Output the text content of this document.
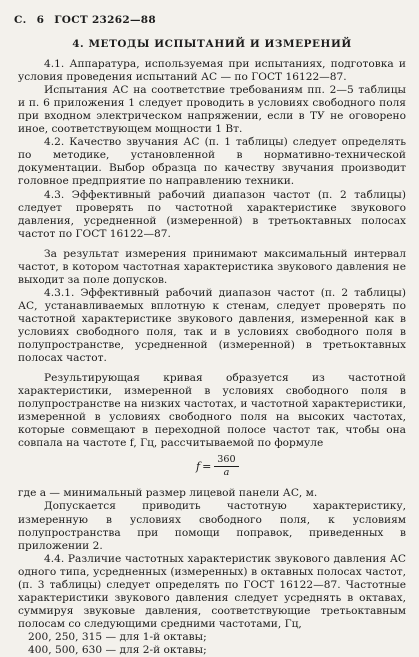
С. 6 ГОСТ 23262—88

4. МЕТОДЫ ИСПЫТАНИЙ И ИЗМЕРЕНИЙ

4.1. Аппаратура, используемая при испытаниях, подготовка и условия проведения испытаний АС — по ГОСТ 16122—87.

Испытания АС на соответствие требованиям пп. 2—5 таблицы и п. 6 приложения 1 следует проводить в условиях свободного поля при входном электрическом напряжении, если в ТУ не оговорено иное, соответствующем мощности 1 Вт.

4.2. Качество звучания АС (п. 1 таблицы) следует определять по методике, установленной в нормативно-технической документации. Выбор образца по качеству звучания производит головное предприятие по направлению техники.

4.3. Эффективный рабочий диапазон частот (п. 2 таблицы) следует проверять по частотной характеристике звукового давления, усредненной (измеренной) в третьоктавных полосах частот по ГОСТ 16122—87.

За результат измерения принимают максимальный интервал частот, в котором частотная характеристика звукового давления не выходит за поле допусков.

4.3.1. Эффективный рабочий диапазон частот (п. 2 таблицы) АС, устанавливаемых вплотную к стенам, следует проверять по частотной характеристике звукового давления, измеренной как в условиях свободного поля, так и в условиях свободного поля в полупространстве, усредненной (измеренной) в третьоктавных полосах частот.

Результирующая кривая образуется из частотной характеристики, измеренной в условиях свободного поля в полупространстве на низких частотах, и частотной характеристики, измеренной в условиях свободного поля на высоких частотах, которые совмещают в переходной полосе частот так, чтобы она совпала на частоте f, Гц, рассчитываемой по формуле

$f = \frac{360}{a}$

где a — минимальный размер лицевой панели АС, м.

Допускается приводить частотную характеристику, измеренную в условиях свободного поля, к условиям полупространства при помощи поправок, приведенных в приложении 2.

4.4. Различие частотных характеристик звукового давления АС одного типа, усредненных (измеренных) в октавных полосах частот, (п. 3 таблицы) следует определять по ГОСТ 16122—87. Частотные характеристики звукового давления следует усреднять в октавах, суммируя звуковые давления, соответствующие третьоктавным полосам со следующими средними частотами, Гц,

200, 250, 315 — для 1-й октавы;

400, 500, 630 — для 2-й октавы;
